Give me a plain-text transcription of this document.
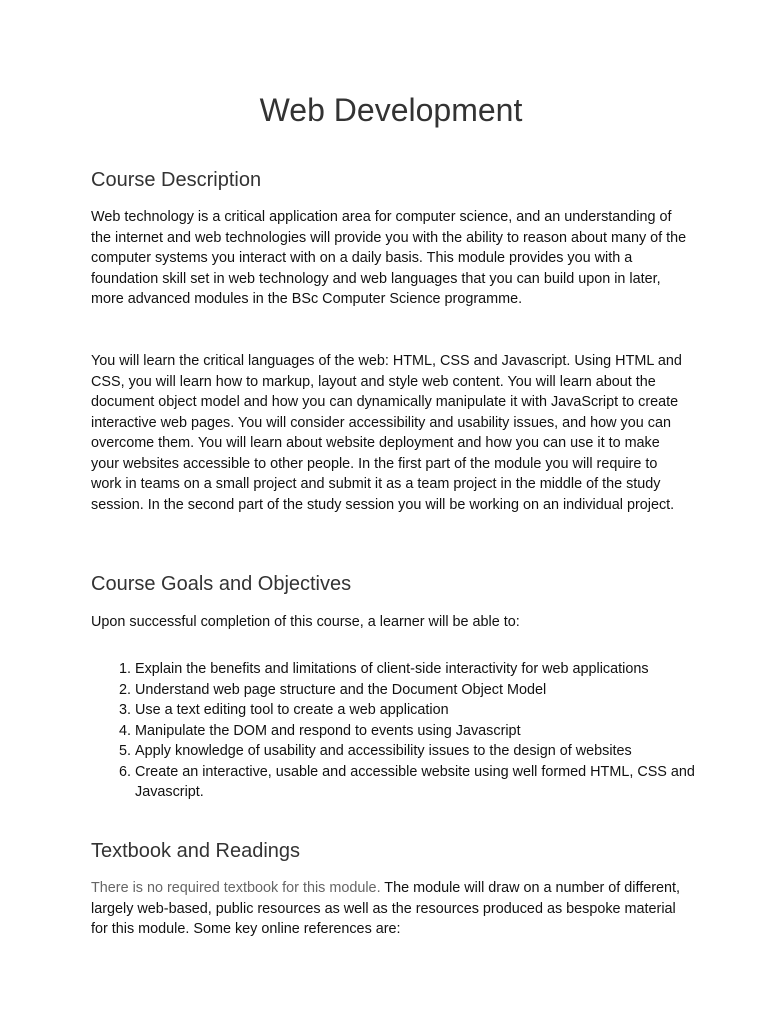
Web Development
Course Description

Web technology is a critical application area for computer science, and an understanding of the internet and web technologies will provide you with the ability to reason about many of the computer systems you interact with on a daily basis. This module provides you with a foundation skill set in web technology and web languages that you can build upon in later, more advanced modules in the BSc Computer Science programme.

You will learn the critical languages of the web: HTML, CSS and Javascript. Using HTML and CSS, you will learn how to markup, layout and style web content. You will learn about the document object model and how you can dynamically manipulate it with JavaScript to create interactive web pages. You will consider accessibility and usability issues, and how you can overcome them. You will learn about website deployment and how you can use it to make your websites accessible to other people. In the first part of the module you will require to work in teams on a small project and submit it as a team project in the middle of the study session. In the second part of the study session you will be working on an individual project.

Course Goals and Objectives

Upon successful completion of this course, a learner will be able to:

1. Explain the benefits and limitations of client-side interactivity for web applications
2. Understand web page structure and the Document Object Model
3. Use a text editing tool to create a web application
4. Manipulate the DOM and respond to events using Javascript
5. Apply knowledge of usability and accessibility issues to the design of websites
6. Create an interactive, usable and accessible website using well formed HTML, CSS and Javascript.
Textbook and Readings

There is no required textbook for this module. The module will draw on a number of different, largely web-based, public resources as well as the resources produced as bespoke material for this module. Some key online references are:
